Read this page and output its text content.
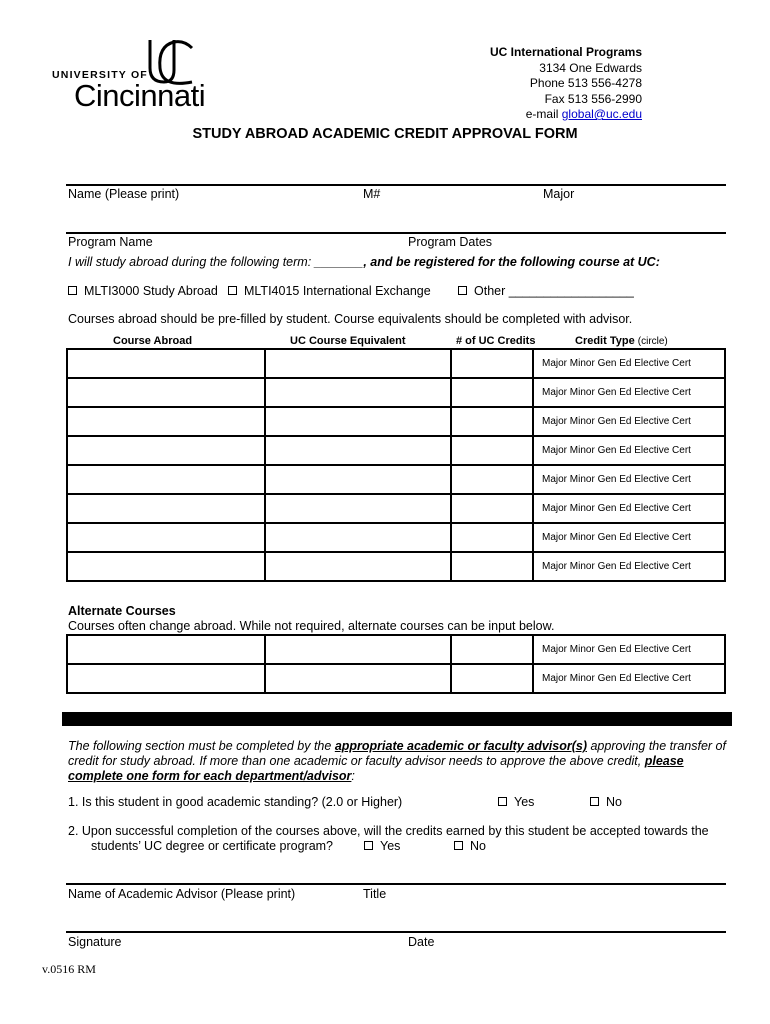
UNIVERSITY OF
Cincinnati
UC International Programs
3134 One Edwards
Phone 513 556-4278
Fax 513 556-2990
e-mail global@uc.edu
STUDY ABROAD ACADEMIC CREDIT APPROVAL FORM
Name (Please print)	M#	Major
Program Name	Program Dates
I will study abroad during the following term: _______, and be registered for the following course at UC:
MLTI3000 Study Abroad	MLTI4015 International Exchange	Other __________________
Courses abroad should be pre-filled by student. Course equivalents should be completed with advisor.
Course Abroad	UC Course Equivalent	# of UC Credits	Credit Type (circle)
			Major Minor Gen Ed Elective Cert
			Major Minor Gen Ed Elective Cert
			Major Minor Gen Ed Elective Cert
			Major Minor Gen Ed Elective Cert
			Major Minor Gen Ed Elective Cert
			Major Minor Gen Ed Elective Cert
			Major Minor Gen Ed Elective Cert
			Major Minor Gen Ed Elective Cert
Alternate Courses
Courses often change abroad. While not required, alternate courses can be input below.
			Major Minor Gen Ed Elective Cert
			Major Minor Gen Ed Elective Cert
The following section must be completed by the appropriate academic or faculty advisor(s) approving the transfer of credit for study abroad. If more than one academic or faculty advisor needs to approve the above credit, please complete one form for each department/advisor:
1. Is this student in good academic standing? (2.0 or Higher)	Yes	No
2. Upon successful completion of the courses above, will the credits earned by this student be accepted towards the
students’ UC degree or certificate program?	Yes	No
Name of Academic Advisor (Please print)	Title
Signature	Date
v.0516 RM
